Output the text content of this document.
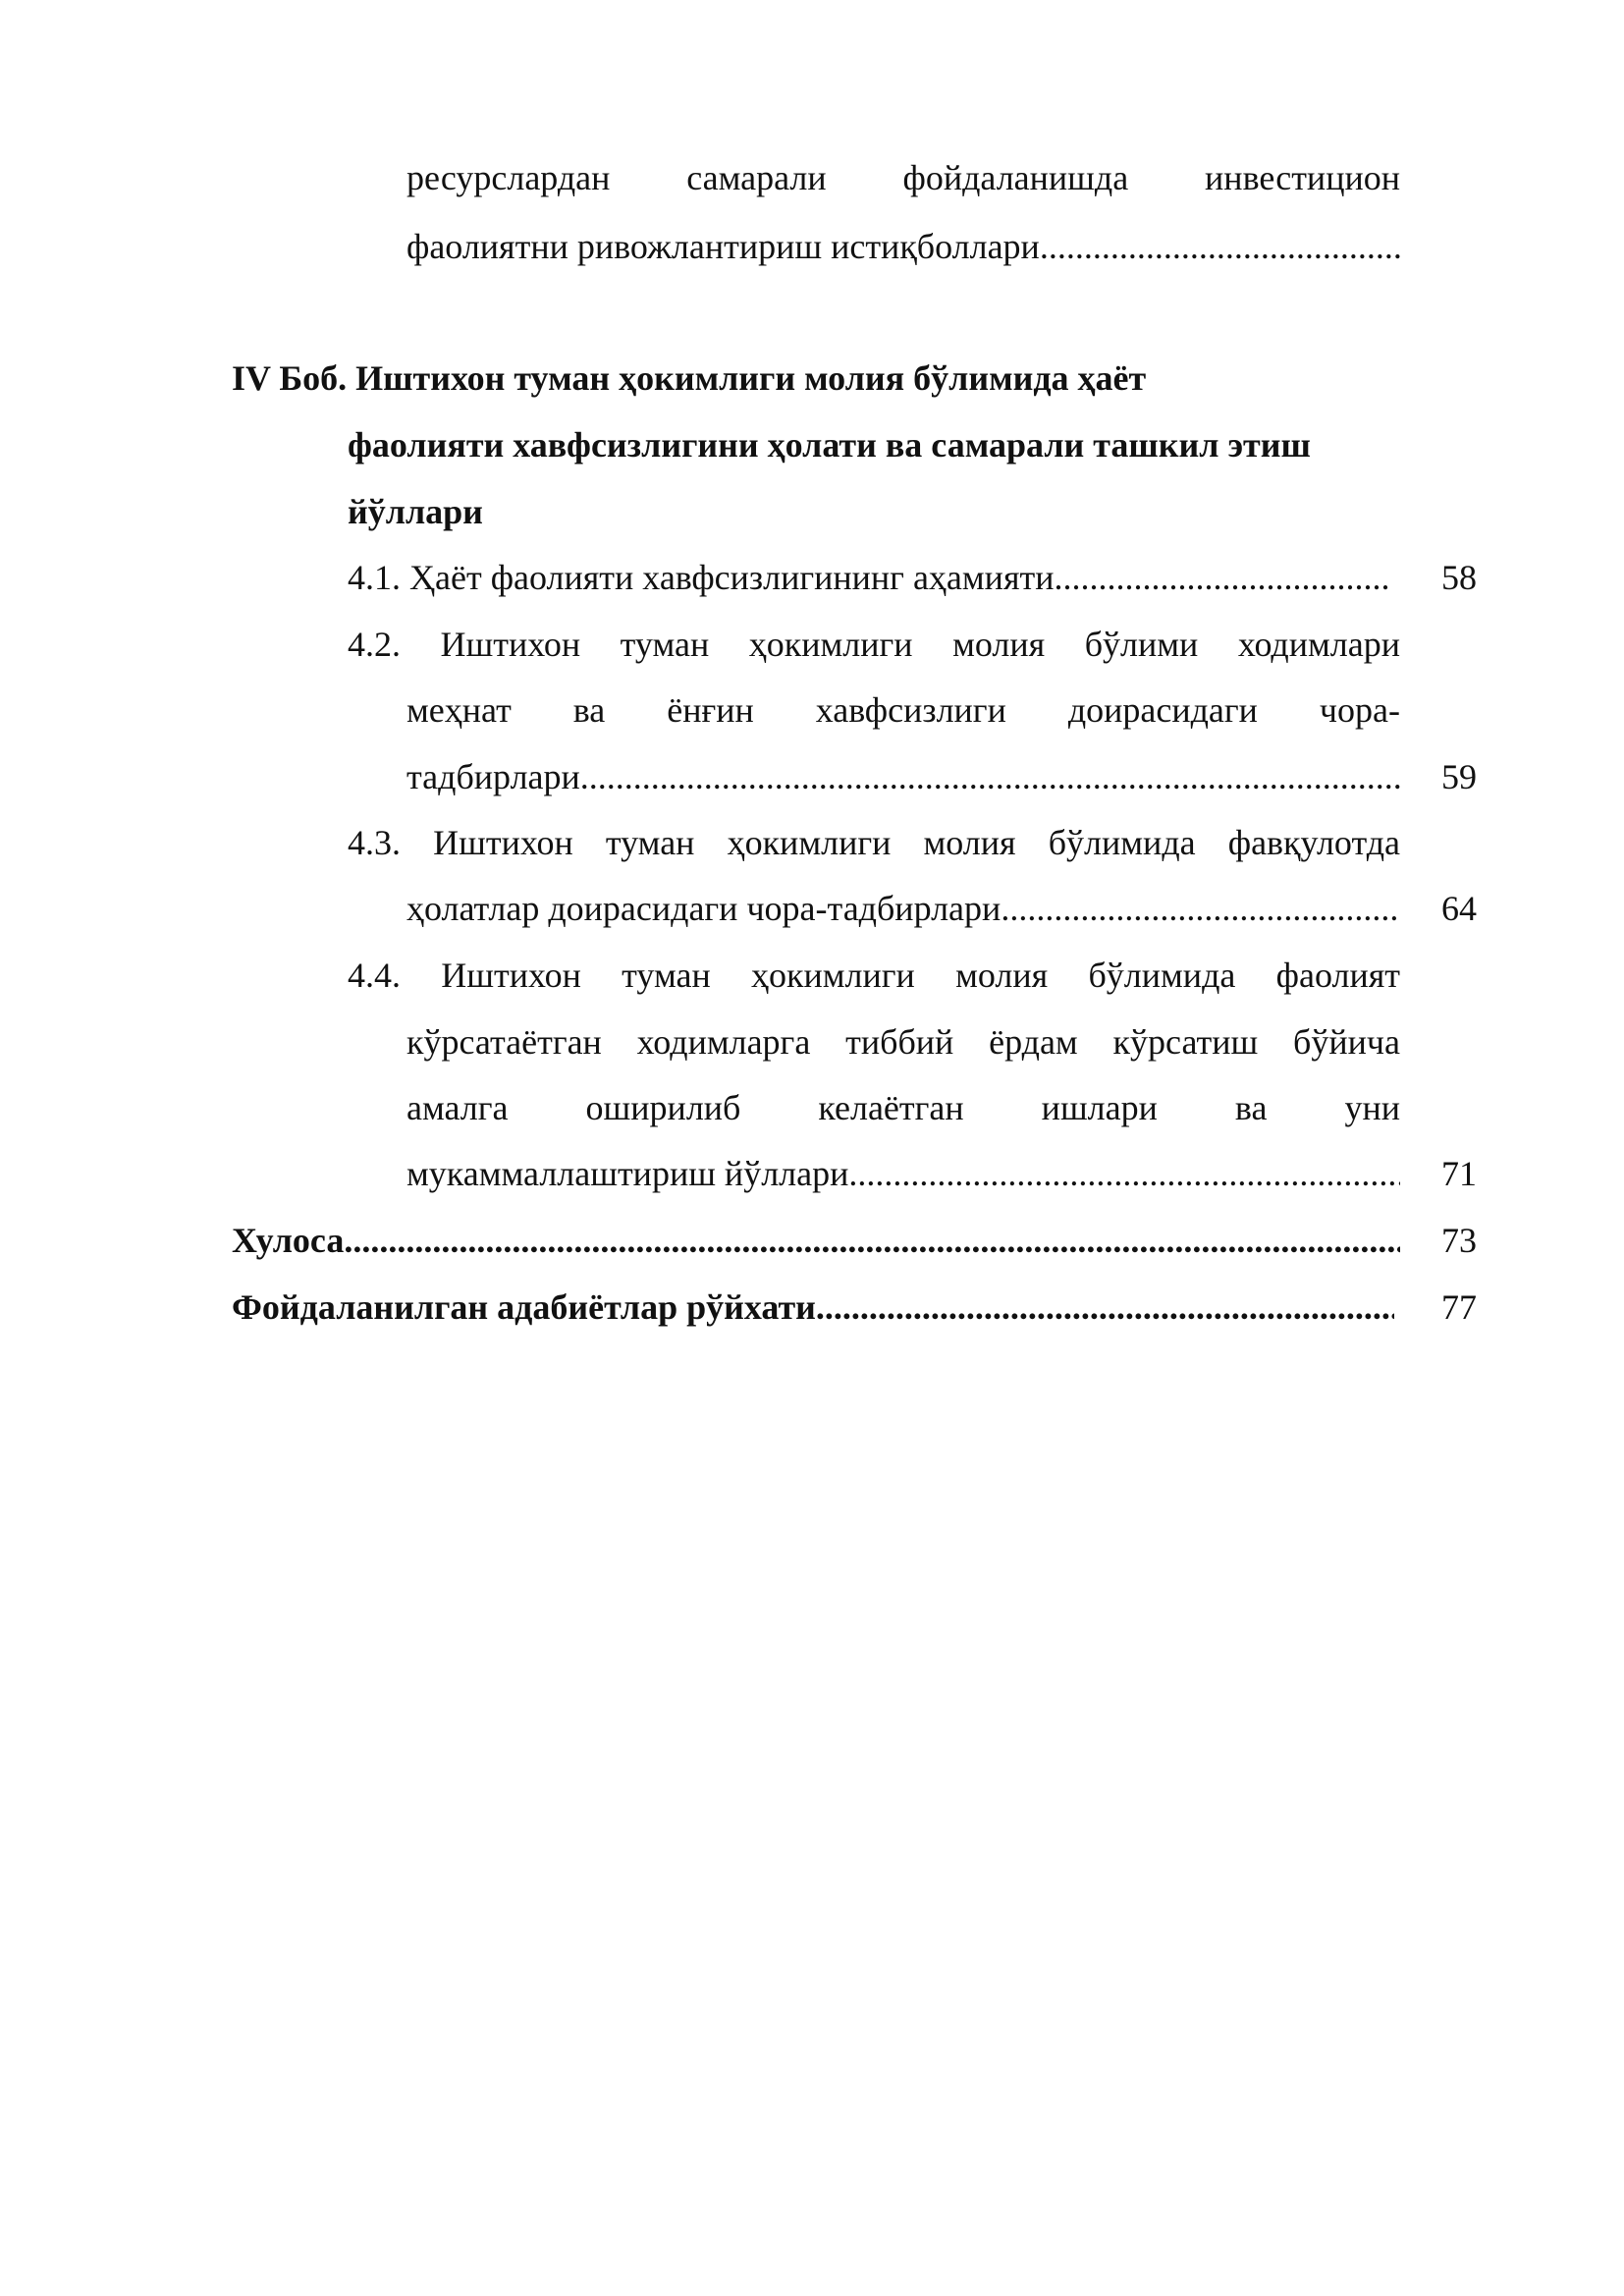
ресурслардан самарали фойдаланишда инвестицион
фаолиятни ривожлантириш истиқболлари
.....
IV Боб. Иштихон туман ҳокимлиги молия бўлимида ҳаёт
фаолияти хавфсизлигини ҳолати ва самарали ташкил этиш
йўллари
4.1. Ҳаёт фаолияти хавфсизлигининг аҳамияти .....	58
4.2. Иштихон туман ҳокимлиги молия бўлими ходимлари
меҳнат ва ёнғин хавфсизлиги доирасидаги чора-
тадбирлари .....	59
4.3. Иштихон туман ҳокимлиги молия бўлимида фавқулотда
ҳолатлар доирасидаги чора-тадбирлари .....	64
4.4. Иштихон туман ҳокимлиги молия бўлимида фаолият
кўрсатаётган ходимларга тиббий ёрдам кўрсатиш бўйича
амалга оширилиб келаётган ишлари ва уни
мукаммаллаштириш йўллари .....	71
Хулоса .....	73
Фойдаланилган адабиётлар рўйхати .....	77
